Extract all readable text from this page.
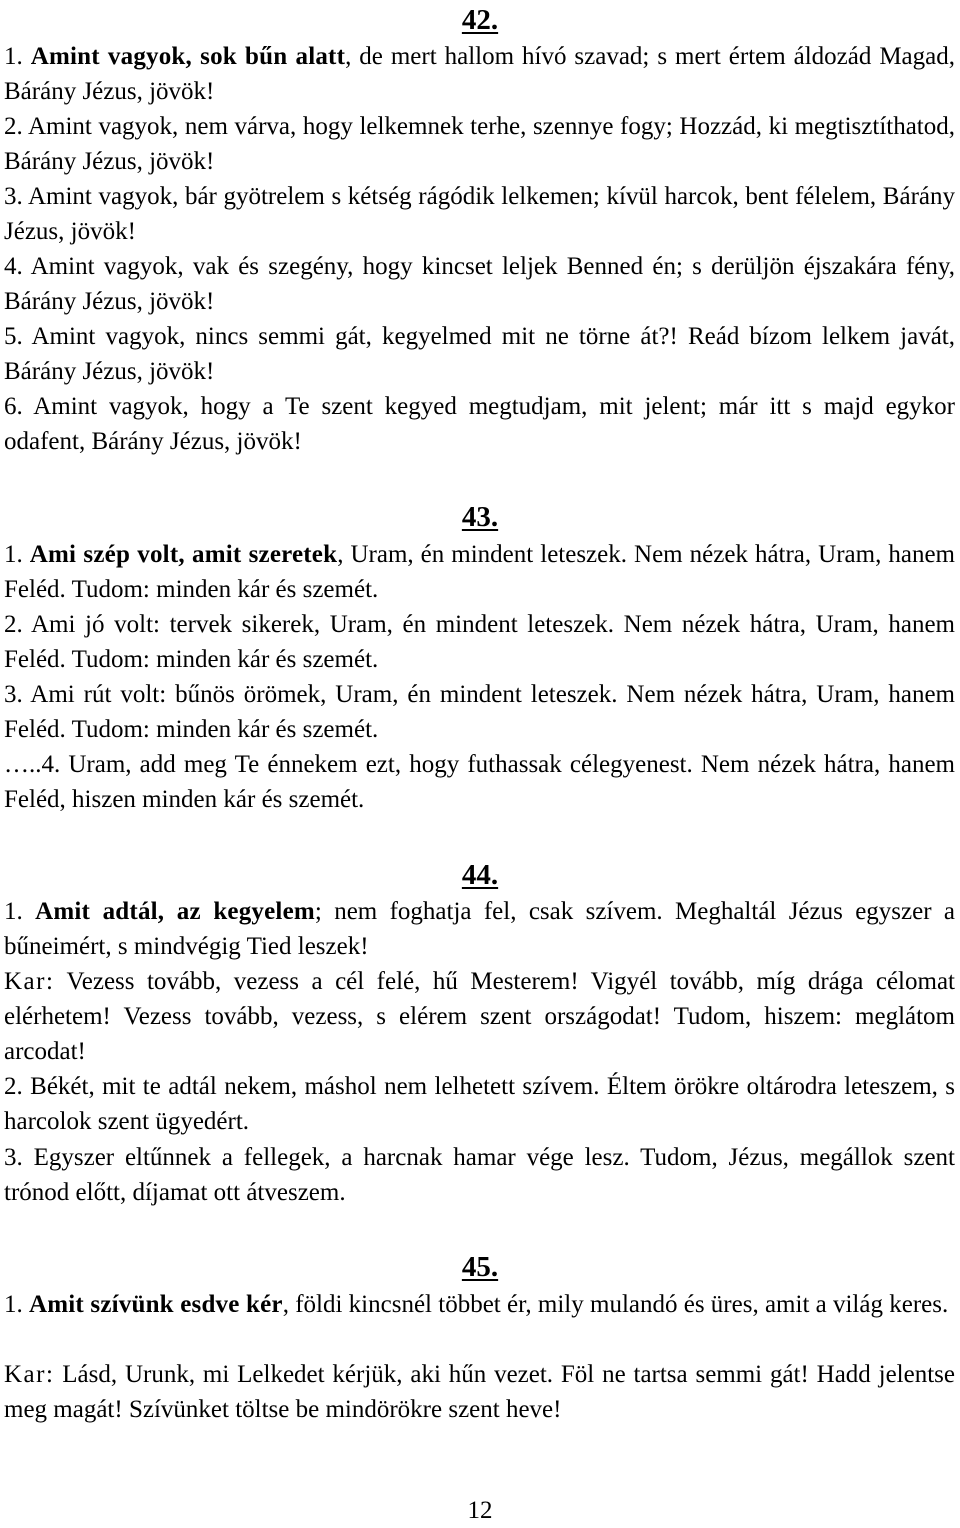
42.
1. Amint vagyok, sok bűn alatt, de mert hallom hívó szavad; s mert értem áldozád Magad, Bárány Jézus, jövök!
2. Amint vagyok, nem várva, hogy lelkemnek terhe, szennye fogy; Hozzád, ki megtisztíthatod, Bárány Jézus, jövök!
3. Amint vagyok, bár gyötrelem s kétség rágódik lelkemen; kívül harcok, bent félelem, Bárány Jézus, jövök!
4. Amint vagyok, vak és szegény, hogy kincset leljek Benned én; s derüljön éjszakára fény, Bárány Jézus, jövök!
5. Amint vagyok, nincs semmi gát, kegyelmed mit ne törne át?! Reád bízom lelkem javát, Bárány Jézus, jövök!
6. Amint vagyok, hogy a Te szent kegyed megtudjam, mit jelent; már itt s majd egykor odafent, Bárány Jézus, jövök!
43.
1. Ami szép volt, amit szeretek, Uram, én mindent leteszek. Nem nézek hátra, Uram, hanem Feléd. Tudom: minden kár és szemét.
2. Ami jó volt: tervek sikerek, Uram, én mindent leteszek. Nem nézek hátra, Uram, hanem Feléd. Tudom: minden kár és szemét.
3. Ami rút volt: bűnös örömek, Uram, én mindent leteszek. Nem nézek hátra, Uram, hanem Feléd. Tudom: minden kár és szemét.
…..4. Uram, add meg Te énnekem ezt, hogy futhassak célegyenest. Nem nézek hátra, hanem Feléd, hiszen minden kár és szemét.
44.
1. Amit adtál, az kegyelem; nem foghatja fel, csak szívem. Meghaltál Jézus egyszer a bűneimért, s mindvégig Tied leszek!
Kar: Vezess tovább, vezess a cél felé, hű Mesterem! Vigyél tovább, míg drága célomat elérhetem! Vezess tovább, vezess, s elérem szent országodat! Tudom, hiszem: meglátom arcodat!
2. Békét, mit te adtál nekem, máshol nem lelhetett szívem. Éltem örökre oltárodra leteszem, s harcolok szent ügyedért.
3. Egyszer eltűnnek a fellegek, a harcnak hamar vége lesz. Tudom, Jézus, megállok szent trónod előtt, díjamat ott átveszem.
45.
1. Amit szívünk esdve kér, földi kincsnél többet ér, mily mulandó és üres, amit a világ keres.
Kar: Lásd, Urunk, mi Lelkedet kérjük, aki hűn vezet. Föl ne tartsa semmi gát! Hadd jelentse meg magát! Szívünket töltse be mindörökre szent heve!
12
